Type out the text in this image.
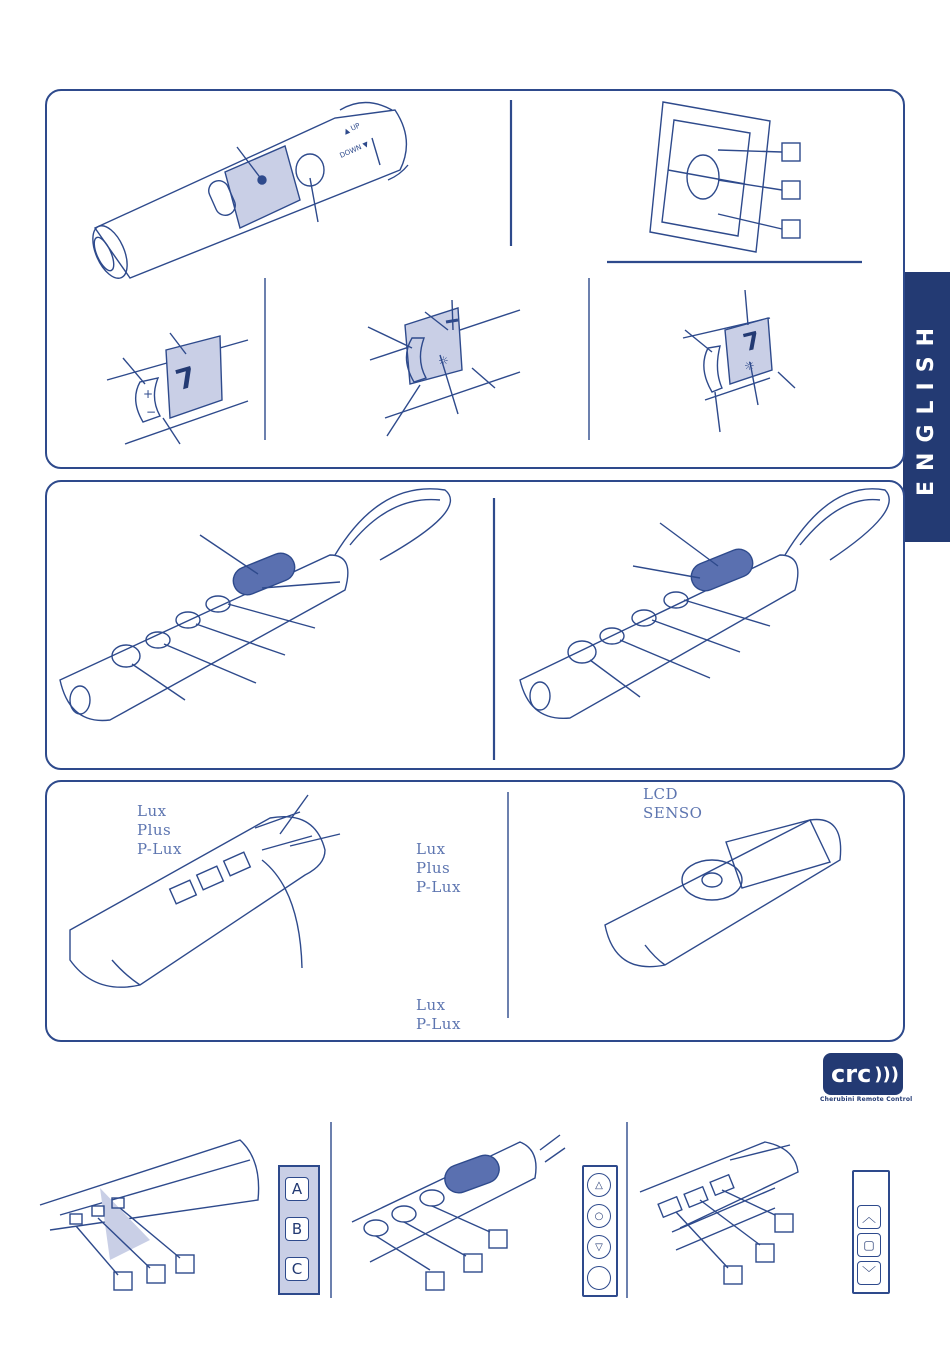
ENGLISH
▲ UP
DOWN ▼
+
−
7	☼	☼
7
Lux
Plus
P-Lux	Lux
Plus
P-Lux
Lux
P-Lux
LCD
SENSO
crc )))
Cherubini Remote Control
A
B
C
△
○
▽
︿
▢
﹀
